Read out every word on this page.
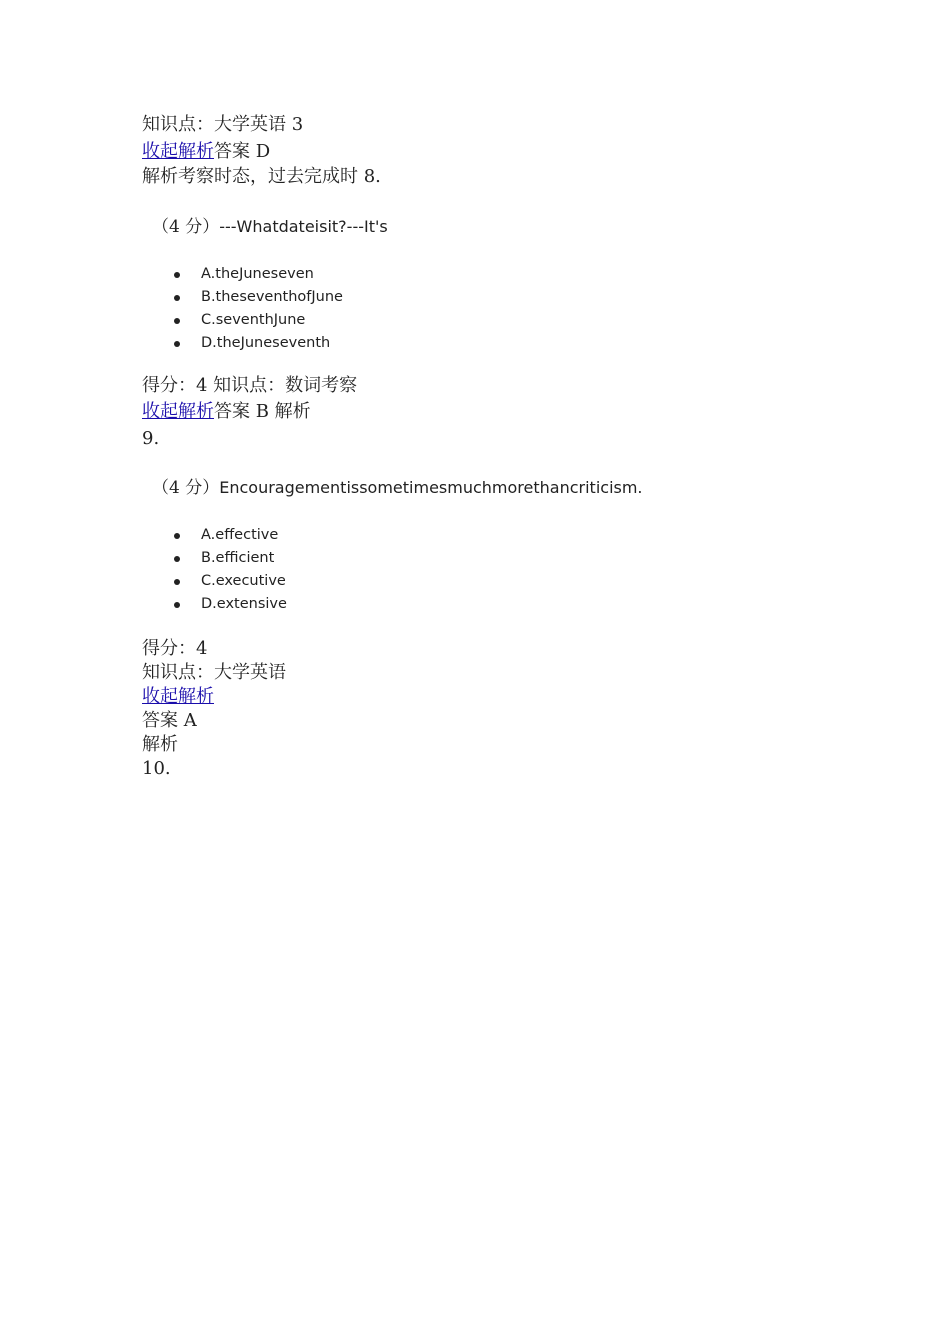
知识点：大学英语 3
收起解析答案 D
解析考察时态，过去完成时 8.
（4 分）---Whatdateisit?---It's
A.theJuneseven
B.theseventhofJune
C.seventhJune
D.theJuneseventh
得分：4 知识点：数词考察
收起解析答案 B 解析
9.
（4 分）Encouragementissometimesmuchmorethancriticism.
A.effective
B.efficient
C.executive
D.extensive
得分：4
知识点：大学英语
收起解析
答案 A
解析
10.
